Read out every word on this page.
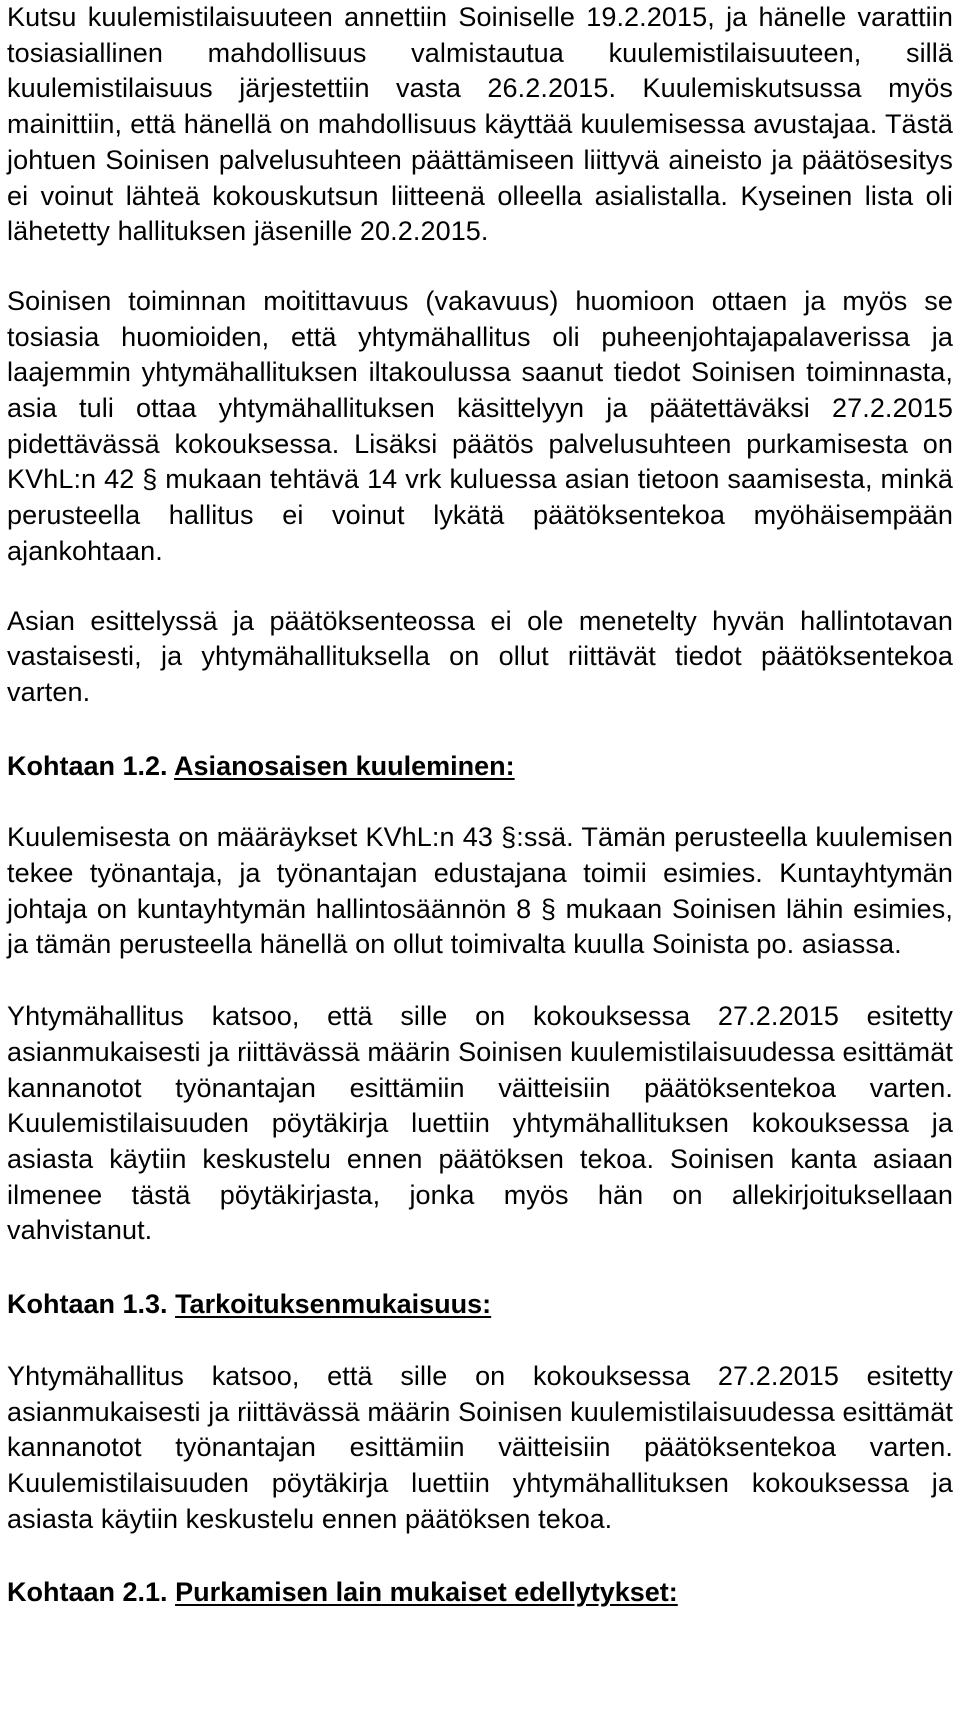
Kutsu kuulemistilaisuuteen annettiin Soiniselle 19.2.2015, ja hänelle varattiin tosiasiallinen mahdollisuus valmistautua kuulemistilaisuuteen, sillä kuulemistilaisuus järjestettiin vasta 26.2.2015. Kuulemiskutsussa myös mainittiin, että hänellä on mahdollisuus käyttää kuulemisessa avustajaa. Tästä johtuen Soinisen palvelusuhteen päättämiseen liittyvä aineisto ja päätösesitys ei voinut lähteä kokouskutsun liitteenä olleella asialistalla. Kyseinen lista oli lähetetty hallituksen jäsenille 20.2.2015.

Soinisen toiminnan moitittavuus (vakavuus) huomioon ottaen ja myös se tosiasia huomioiden, että yhtymähallitus oli puheenjohtajapalaverissa ja laajemmin yhtymähallituksen iltakoulussa saanut tiedot Soinisen toiminnasta, asia tuli ottaa yhtymähallituksen käsittelyyn ja päätettäväksi 27.2.2015 pidettävässä kokouksessa. Lisäksi päätös palvelusuhteen purkamisesta on KVhL:n 42 § mukaan tehtävä 14 vrk kuluessa asian tietoon saamisesta, minkä perusteella hallitus ei voinut lykätä päätöksentekoa myöhäisempään ajankohtaan.

Asian esittelyssä ja päätöksenteossa ei ole menetelty hyvän hallintotavan vastaisesti, ja yhtymähallituksella on ollut riittävät tiedot päätöksentekoa varten.

Kohtaan 1.2. Asianosaisen kuuleminen:

Kuulemisesta on määräykset KVhL:n 43 §:ssä. Tämän perusteella kuulemisen tekee työnantaja, ja työnantajan edustajana toimii esimies. Kuntayhtymän johtaja on kuntayhtymän hallintosäännön 8 § mukaan Soinisen lähin esimies, ja tämän perusteella hänellä on ollut toimivalta kuulla Soinista po. asiassa.

Yhtymähallitus katsoo, että sille on kokouksessa 27.2.2015 esitetty asianmukaisesti ja riittävässä määrin Soinisen kuulemistilaisuudessa esittämät kannanotot työnantajan esittämiin väitteisiin päätöksentekoa varten. Kuulemistilaisuuden pöytäkirja luettiin yhtymähallituksen kokouksessa ja asiasta käytiin keskustelu ennen päätöksen tekoa. Soinisen kanta asiaan ilmenee tästä pöytäkirjasta, jonka myös hän on allekirjoituksellaan vahvistanut.

Kohtaan 1.3. Tarkoituksenmukaisuus:

Yhtymähallitus katsoo, että sille on kokouksessa 27.2.2015 esitetty asianmukaisesti ja riittävässä määrin Soinisen kuulemistilaisuudessa esittämät kannanotot työnantajan esittämiin väitteisiin päätöksentekoa varten. Kuulemistilaisuuden pöytäkirja luettiin yhtymähallituksen kokouksessa ja asiasta käytiin keskustelu ennen päätöksen tekoa.

Kohtaan 2.1. Purkamisen lain mukaiset edellytykset:
